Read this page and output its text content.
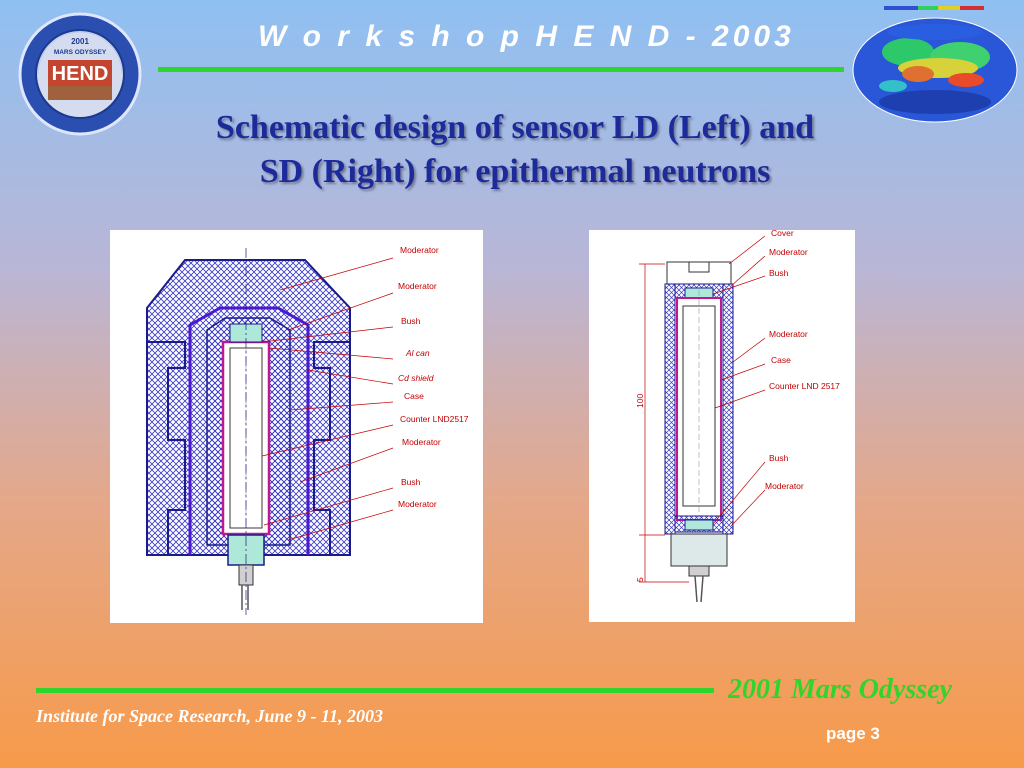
W o r k s h o p H E N D - 2003
2001
MARS ODYSSEY
HEND
Schematic design of sensor LD (Left) and
SD (Right) for epithermal neutrons
Moderator
Moderator
Bush
Al can
Cd shield
Case
Counter LND2517
Moderator
Bush
Moderator
100
5
Cover
Moderator
Bush
Moderator
Case
Counter LND 2517
Bush
Moderator
2001 Mars Odyssey
Institute for Space Research, June 9 - 11, 2003
page 3
